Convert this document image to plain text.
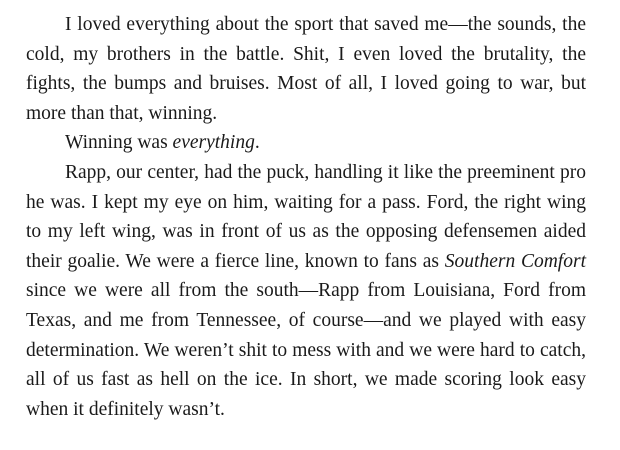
I loved everything about the sport that saved me—the sounds, the cold, my brothers in the battle. Shit, I even loved the brutality, the fights, the bumps and bruises. Most of all, I loved going to war, but more than that, winning.

Winning was everything.

Rapp, our center, had the puck, handling it like the preeminent pro he was. I kept my eye on him, waiting for a pass. Ford, the right wing to my left wing, was in front of us as the opposing defensemen aided their goalie. We were a fierce line, known to fans as Southern Comfort since we were all from the south—Rapp from Louisiana, Ford from Texas, and me from Tennessee, of course—and we played with easy determination. We weren’t shit to mess with and we were hard to catch, all of us fast as hell on the ice. In short, we made scoring look easy when it definitely wasn’t.
